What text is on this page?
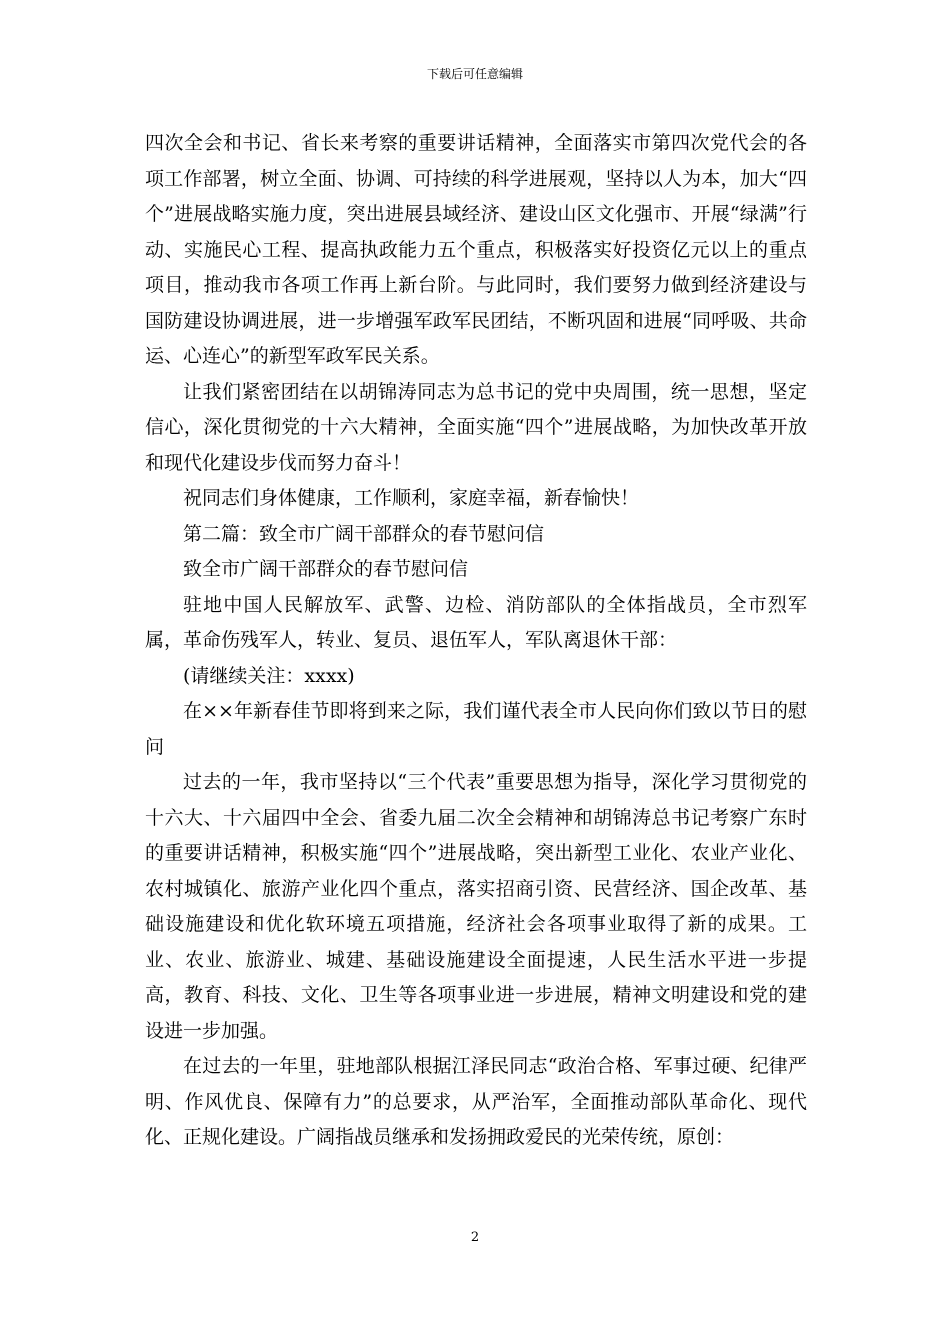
下载后可任意编辑

四次全会和书记、省长来考察的重要讲话精神，全面落实市第四次党代会的各项工作部署，树立全面、协调、可持续的科学进展观，坚持以人为本，加大“四个”进展战略实施力度，突出进展县域经济、建设山区文化强市、开展“绿满”行动、实施民心工程、提高执政能力五个重点，积极落实好投资亿元以上的重点项目，推动我市各项工作再上新台阶。与此同时，我们要努力做到经济建设与国防建设协调进展，进一步增强军政军民团结，不断巩固和进展“同呼吸、共命运、心连心”的新型军政军民关系。

让我们紧密团结在以胡锦涛同志为总书记的党中央周围，统一思想，坚定信心，深化贯彻党的十六大精神，全面实施“四个”进展战略，为加快改革开放和现代化建设步伐而努力奋斗！

祝同志们身体健康，工作顺利，家庭幸福，新春愉快！

第二篇：致全市广阔干部群众的春节慰问信

致全市广阔干部群众的春节慰问信

驻地中国人民解放军、武警、边检、消防部队的全体指战员，全市烈军属，革命伤残军人，转业、复员、退伍军人，军队离退休干部：

(请继续关注：xxxx)

在××年新春佳节即将到来之际，我们谨代表全市人民向你们致以节日的慰问

过去的一年，我市坚持以“三个代表”重要思想为指导，深化学习贯彻党的十六大、十六届四中全会、省委九届二次全会精神和胡锦涛总书记考察广东时的重要讲话精神，积极实施“四个”进展战略，突出新型工业化、农业产业化、农村城镇化、旅游产业化四个重点，落实招商引资、民营经济、国企改革、基础设施建设和优化软环境五项措施，经济社会各项事业取得了新的成果。工业、农业、旅游业、城建、基础设施建设全面提速，人民生活水平进一步提高，教育、科技、文化、卫生等各项事业进一步进展，精神文明建设和党的建设进一步加强。

在过去的一年里，驻地部队根据江泽民同志“政治合格、军事过硬、纪律严明、作风优良、保障有力”的总要求，从严治军，全面推动部队革命化、现代化、正规化建设。广阔指战员继承和发扬拥政爱民的光荣传统，原创：

2
